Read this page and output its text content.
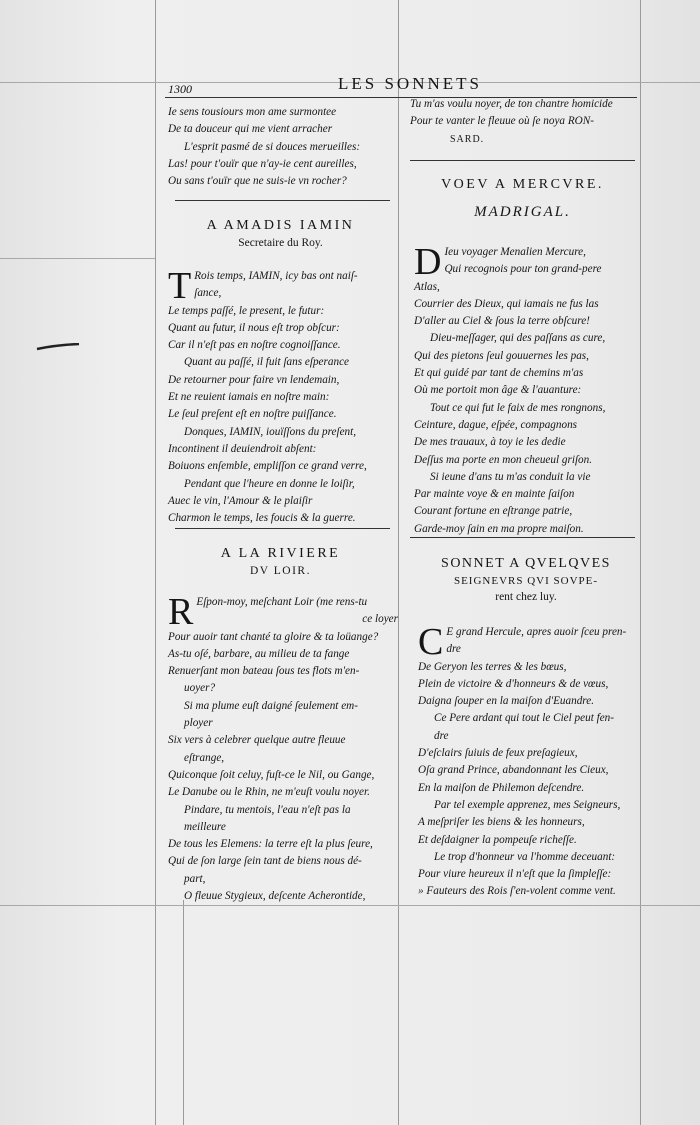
1300	LES SONNETS
Ie sens tousiours mon ame surmontee
De ta douceur qui me vient arracher
L'esprit pasmé de si douces merueilles:
Las! pour t'ouïr que n'ay-ie cent aureilles,
Ou sans t'ouïr que ne suis-ie vn rocher?
A AMADIS IAMIN
Secretaire du Roy.
T Rois temps, IAMIN, icy bas ont naiſ-
ſance,
Le temps paſſé, le present, le futur:
Quant au futur, il nous eſt trop obſcur:
Car il n'eſt pas en noſtre cognoiſſance.
Quant au paſſé, il fuit ſans eſperance
De retourner pour faire vn lendemain,
Et ne reuient iamais en noſtre main:
Le ſeul preſent eſt en noſtre puiſſance.
Donques, IAMIN, iouïſſons du preſent,
Incontinent il deuiendroit abſent:
Boiuons enſemble, empliſſon ce grand verre,
Pendant que l'heure en donne le loiſir,
Auec le vin, l'Amour & le plaiſir
Charmon le temps, les foucis & la guerre.
A LA RIVIERE
DV LOIR.
R Eſpon-moy, meſchant Loir (me rens-tu
ce loyer
Pour auoir tant chanté ta gloire & ta loüange?
As-tu oſé, barbare, au milieu de ta fange
Renuerſant mon bateau ſous tes flots m'en-
uoyer?
Si ma plume euſt daigné ſeulement em-
ployer
Six vers à celebrer quelque autre fleuue
eſtrange,
Quiconque ſoit celuy, fuſt-ce le Nil, ou Gange,
Le Danube ou le Rhin, ne m'euſt voulu noyer.
Pindare, tu mentois, l'eau n'eſt pas la
meilleure
De tous les Elemens: la terre eſt la plus ſeure,
Qui de ſon large ſein tant de biens nous dé-
part,
O fleuue Stygieux, deſcente Acherontide,
Tu m'as voulu noyer, de ton chantre homicide
Pour te vanter le fleuue où ſe noya RON-
SARD.
VOEV A MERCVRE.
MADRIGAL.
D Ieu voyager Menalien Mercure,
Qui recognois pour ton grand-pere
Atlas,
Courrier des Dieux, qui iamais ne fus las
D'aller au Ciel & ſous la terre obſcure!
Dieu-meſſager, qui des paſſans as cure,
Qui des pietons ſeul gouuernes les pas,
Et qui guidé par tant de chemins m'as
Où me portoit mon âge & l'auanture:
Tout ce qui fut le faix de mes rongnons,
Ceinture, dague, eſpée, compagnons
De mes trauaux, à toy ie les dedie
Deſſus ma porte en mon cheueul griſon.
Si ieune d'ans tu m'as conduit la vie
Par mainte voye & en mainte ſaiſon
Courant fortune en eſtrange patrie,
Garde-moy ſain en ma propre maiſon.
SONNET A QVELQVES
SEIGNEVRS QVI SOVPE-
rent chez luy.
C E grand Hercule, apres auoir ſceu pren-
dre
De Geryon les terres & les bœus,
Plein de victoire & d'honneurs & de vœus,
Daigna ſouper en la maiſon d'Euandre.
Ce Pere ardant qui tout le Ciel peut fen-
dre
D'eſclairs ſuiuis de feux preſagieux,
Oſa grand Prince, abandonnant les Cieux,
En la maiſon de Philemon deſcendre.
Par tel exemple apprenez, mes Seigneurs,
A meſpriſer les biens & les honneurs,
Et deſdaigner la pompeuſe richeſſe.
Le trop d'honneur va l'homme deceuant:
Pour viure heureux il n'eſt que la ſimpleſſe:
» Fauteurs des Rois ſ'en-volent comme vent.
